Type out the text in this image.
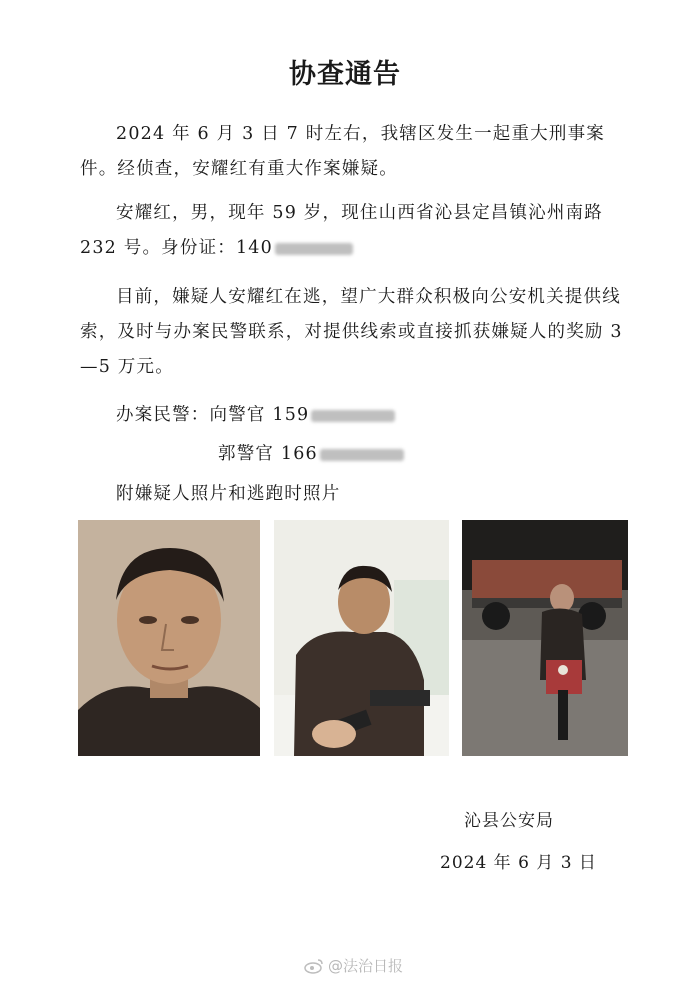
协查通告
2024 年 6 月 3 日 7 时左右，我辖区发生一起重大刑事案件。经侦查，安耀红有重大作案嫌疑。
安耀红，男，现年 59 岁，现住山西省沁县定昌镇沁州南路 232 号。身份证：140
目前，嫌疑人安耀红在逃，望广大群众积极向公安机关提供线索，及时与办案民警联系，对提供线索或直接抓获嫌疑人的奖励 3—5 万元。
办案民警：向警官 159
郭警官 166
附嫌疑人照片和逃跑时照片
沁县公安局
2024 年 6 月 3 日
@法治日报
